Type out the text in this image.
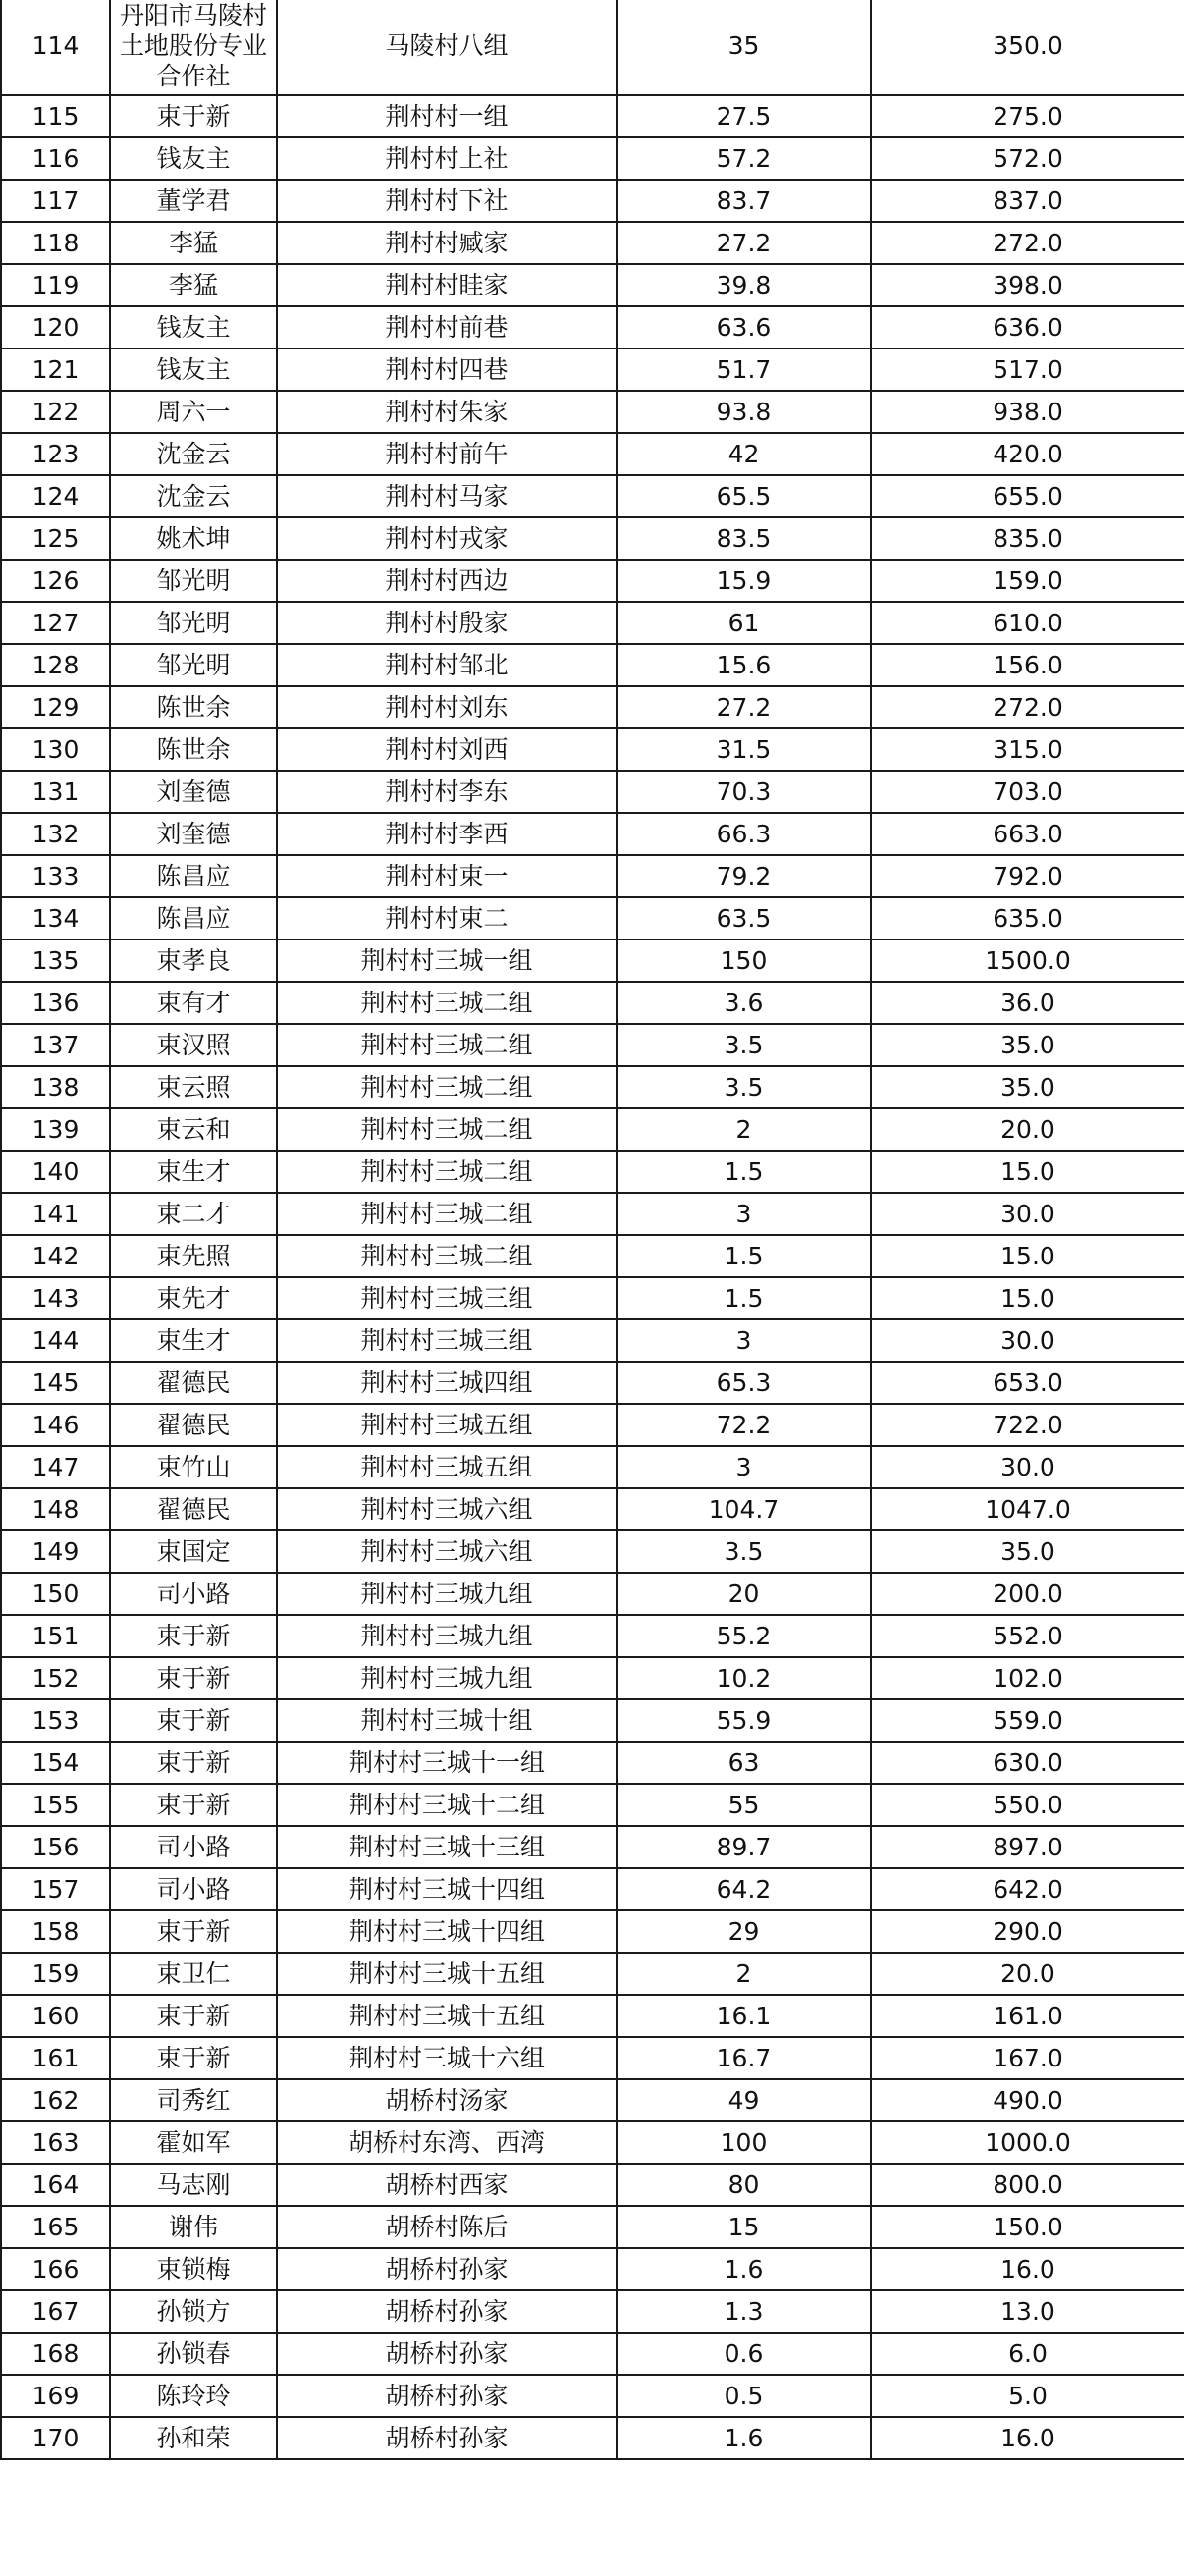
114	丹阳市马陵村土地股份专业合作社	马陵村八组	35	350.0
115	束于新	荆村村一组	27.5	275.0
116	钱友主	荆村村上社	57.2	572.0
117	董学君	荆村村下社	83.7	837.0
118	李猛	荆村村臧家	27.2	272.0
119	李猛	荆村村眭家	39.8	398.0
120	钱友主	荆村村前巷	63.6	636.0
121	钱友主	荆村村四巷	51.7	517.0
122	周六一	荆村村朱家	93.8	938.0
123	沈金云	荆村村前午	42	420.0
124	沈金云	荆村村马家	65.5	655.0
125	姚术坤	荆村村戎家	83.5	835.0
126	邹光明	荆村村西边	15.9	159.0
127	邹光明	荆村村殷家	61	610.0
128	邹光明	荆村村邹北	15.6	156.0
129	陈世余	荆村村刘东	27.2	272.0
130	陈世余	荆村村刘西	31.5	315.0
131	刘奎德	荆村村李东	70.3	703.0
132	刘奎德	荆村村李西	66.3	663.0
133	陈昌应	荆村村束一	79.2	792.0
134	陈昌应	荆村村束二	63.5	635.0
135	束孝良	荆村村三城一组	150	1500.0
136	束有才	荆村村三城二组	3.6	36.0
137	束汉照	荆村村三城二组	3.5	35.0
138	束云照	荆村村三城二组	3.5	35.0
139	束云和	荆村村三城二组	2	20.0
140	束生才	荆村村三城二组	1.5	15.0
141	束二才	荆村村三城二组	3	30.0
142	束先照	荆村村三城二组	1.5	15.0
143	束先才	荆村村三城三组	1.5	15.0
144	束生才	荆村村三城三组	3	30.0
145	翟德民	荆村村三城四组	65.3	653.0
146	翟德民	荆村村三城五组	72.2	722.0
147	束竹山	荆村村三城五组	3	30.0
148	翟德民	荆村村三城六组	104.7	1047.0
149	束国定	荆村村三城六组	3.5	35.0
150	司小路	荆村村三城九组	20	200.0
151	束于新	荆村村三城九组	55.2	552.0
152	束于新	荆村村三城九组	10.2	102.0
153	束于新	荆村村三城十组	55.9	559.0
154	束于新	荆村村三城十一组	63	630.0
155	束于新	荆村村三城十二组	55	550.0
156	司小路	荆村村三城十三组	89.7	897.0
157	司小路	荆村村三城十四组	64.2	642.0
158	束于新	荆村村三城十四组	29	290.0
159	束卫仁	荆村村三城十五组	2	20.0
160	束于新	荆村村三城十五组	16.1	161.0
161	束于新	荆村村三城十六组	16.7	167.0
162	司秀红	胡桥村汤家	49	490.0
163	霍如军	胡桥村东湾、西湾	100	1000.0
164	马志刚	胡桥村西家	80	800.0
165	谢伟	胡桥村陈后	15	150.0
166	束锁梅	胡桥村孙家	1.6	16.0
167	孙锁方	胡桥村孙家	1.3	13.0
168	孙锁春	胡桥村孙家	0.6	6.0
169	陈玲玲	胡桥村孙家	0.5	5.0
170	孙和荣	胡桥村孙家	1.6	16.0
